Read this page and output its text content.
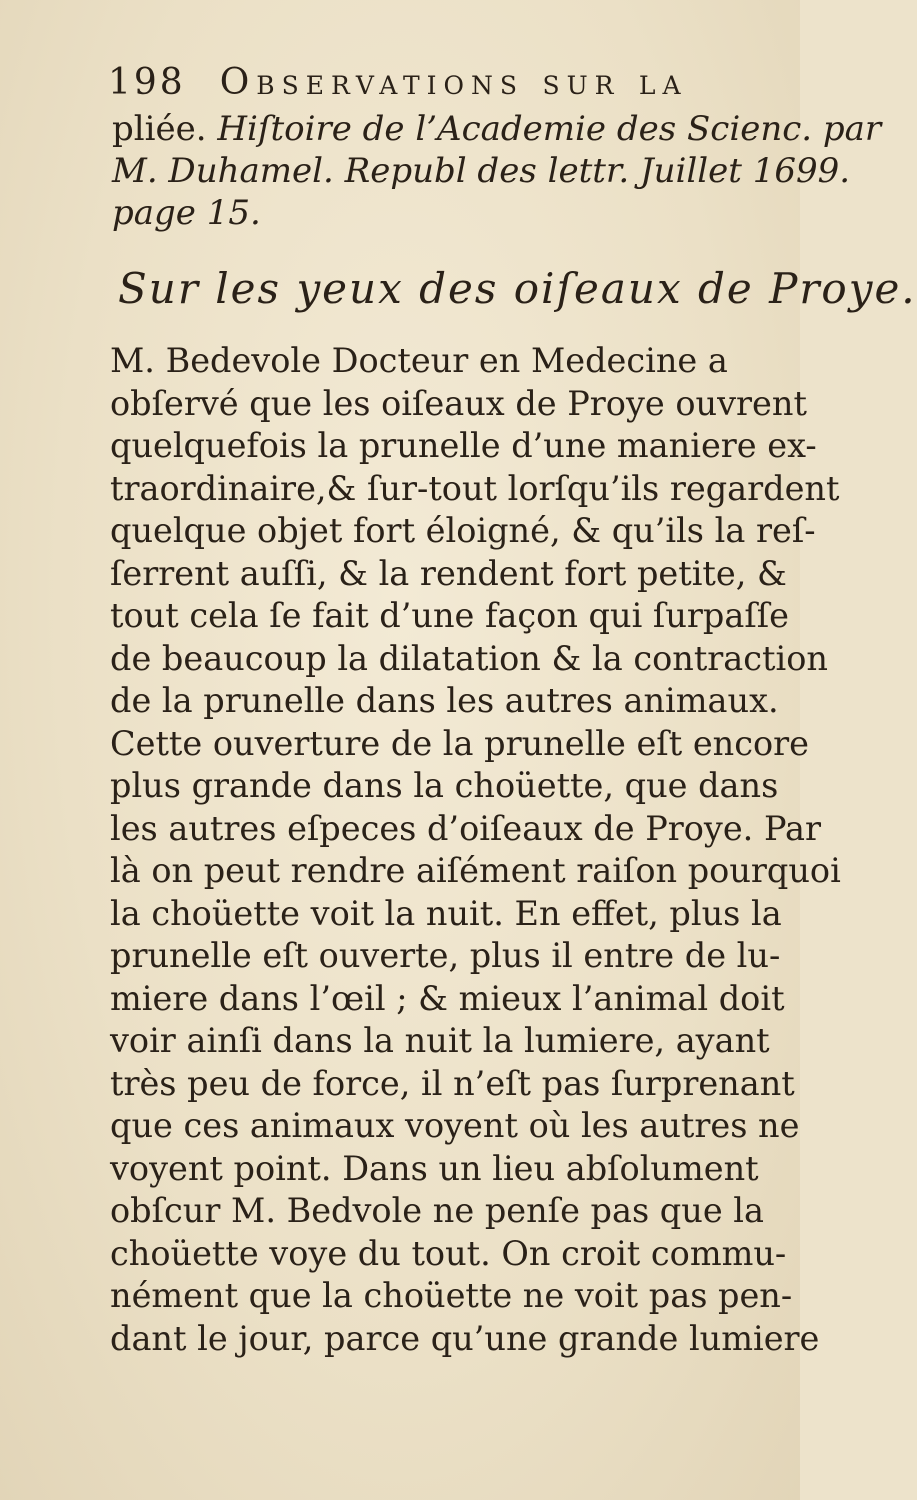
198 Observations sur la
pliée. Hiſtoire de l’Academie des Scienc. par
M. Duhamel. Republ des lettr. Juillet 1699.
page 15.
Sur les yeux des oiſeaux de Proye.
M. Bedevole Docteur en Medecine a
obſervé que les oiſeaux de Proye ouvrent
quelquefois la prunelle d’une maniere ex-
traordinaire,& ſur-tout lorſqu’ils regardent
quelque objet fort éloigné, & qu’ils la reſ-
ſerrent auſſi, & la rendent fort petite, &
tout cela ſe fait d’une façon qui ſurpaſſe
de beaucoup la dilatation & la contraction
de la prunelle dans les autres animaux.
Cette ouverture de la prunelle eſt encore
plus grande dans la choüette, que dans
les autres eſpeces d’oiſeaux de Proye. Par
là on peut rendre aiſément raiſon pourquoi
la choüette voit la nuit. En effet, plus la
prunelle eſt ouverte, plus il entre de lu-
miere dans l’œil ; & mieux l’animal doit
voir ainſi dans la nuit la lumiere, ayant
très peu de force, il n’eſt pas ſurprenant
que ces animaux voyent où les autres ne
voyent point. Dans un lieu abſolument
obſcur M. Bedvole ne penſe pas que la
choüette voye du tout. On croit commu-
nément que la choüette ne voit pas pen-
dant le jour, parce qu’une grande lumiere
